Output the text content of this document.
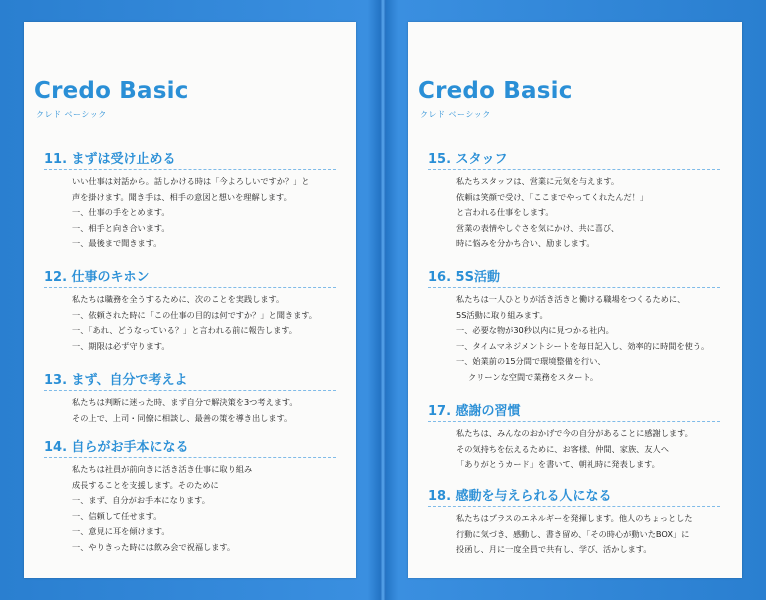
Credo Basic
クレド ベーシック
11. まずは受け止める
いい仕事は対話から。話しかける時は「今よろしいですか？」と
声を掛けます。聞き手は、相手の意図と想いを理解します。
一、仕事の手をとめます。
一、相手と向き合います。
一、最後まで聞きます。
12. 仕事のキホン
私たちは職務を全うするために、次のことを実践します。
一、依頼された時に「この仕事の目的は何ですか？」と聞きます。
一、「あれ、どうなっている？」と言われる前に報告します。
一、期限は必ず守ります。
13. まず、自分で考えよ
私たちは判断に迷った時、まず自分で解決策を3つ考えます。
その上で、上司・同僚に相談し、最善の策を導き出します。
14. 自らがお手本になる
私たちは社員が前向きに活き活き仕事に取り組み
成長することを支援します。そのために
一、まず、自分がお手本になります。
一、信頼して任せます。
一、意見に耳を傾けます。
一、やりきった時には飲み会で祝福します。
Credo Basic
クレド ベーシック
15. スタッフ
私たちスタッフは、営業に元気を与えます。
依頼は笑顔で受け、「ここまでやってくれたんだ！」
と言われる仕事をします。
営業の表情やしぐさを気にかけ、共に喜び、
時に悩みを分かち合い、励まします。
16. 5S活動
私たちは一人ひとりが活き活きと働ける職場をつくるために、
5S活動に取り組みます。
一、必要な物が30秒以内に見つかる社内。
一、タイムマネジメントシートを毎日記入し、効率的に時間を使う。
一、始業前の15分間で環境整備を行い、
クリーンな空間で業務をスタート。
17. 感謝の習慣
私たちは、みんなのおかげで今の自分があることに感謝します。
その気持ちを伝えるために、お客様、仲間、家族、友人へ
「ありがとうカード」を書いて、朝礼時に発表します。
18. 感動を与えられる人になる
私たちはプラスのエネルギーを発揮します。他人のちょっとした
行動に気づき、感動し、書き留め、「その時心が動いたBOX」に
投函し、月に一度全員で共有し、学び、活かします。
